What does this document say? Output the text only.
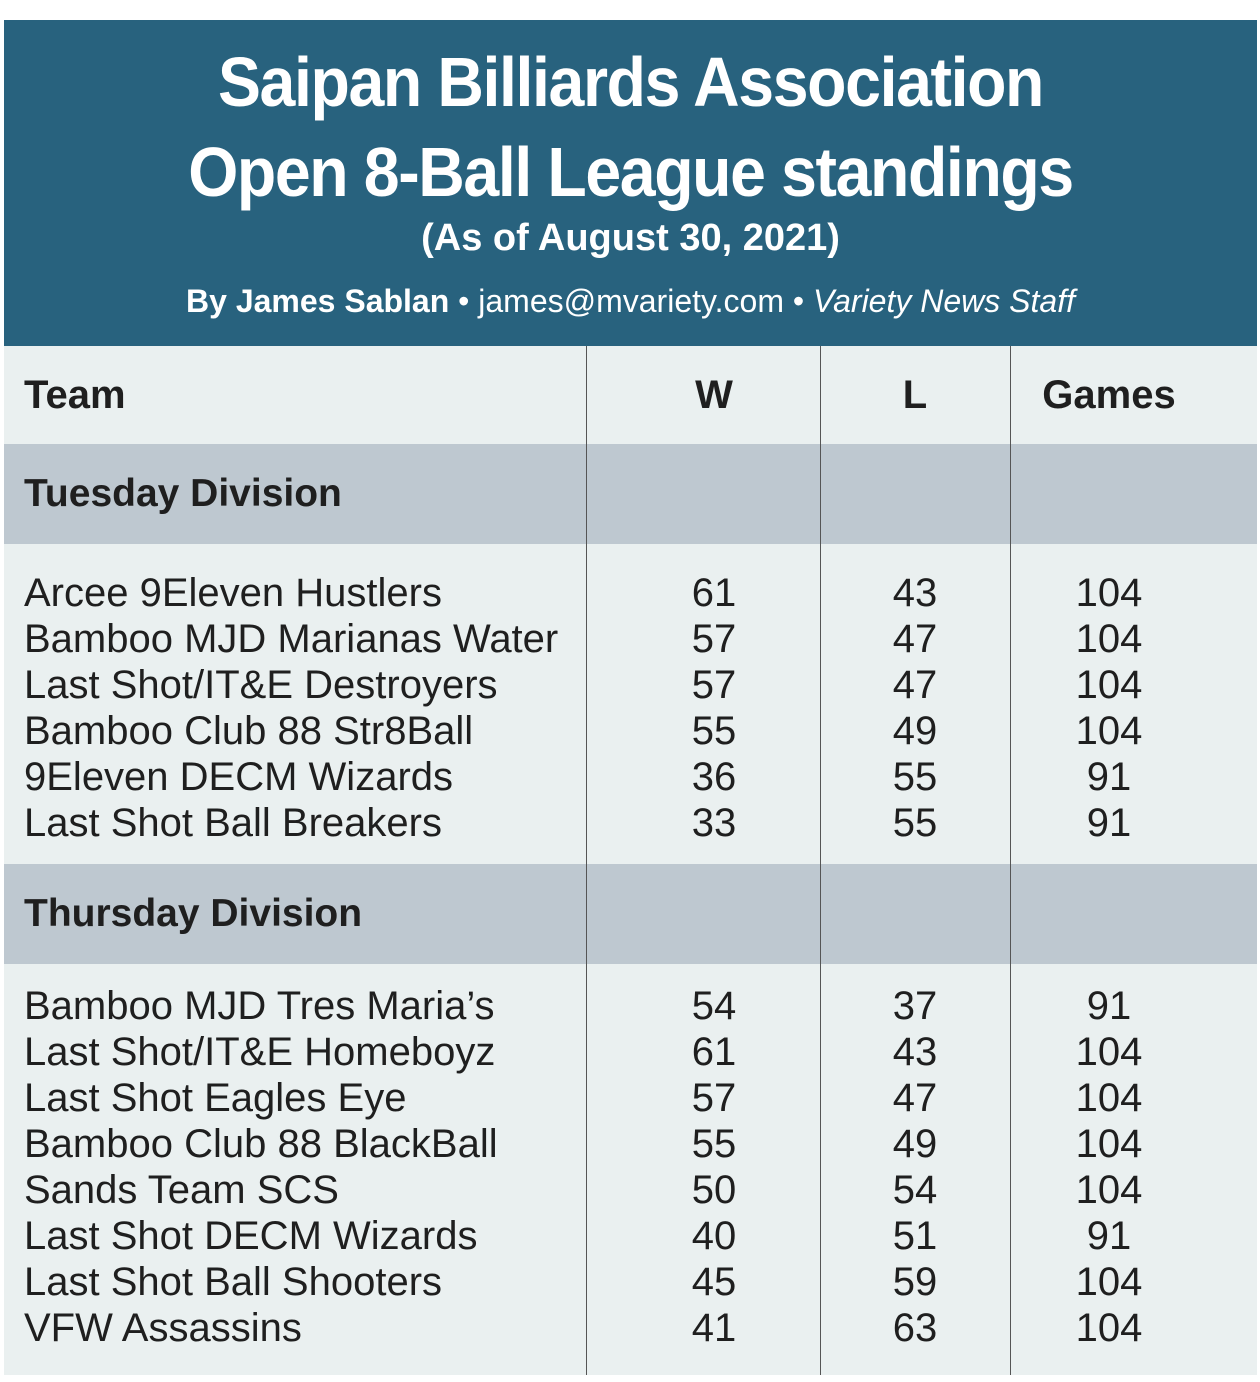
Saipan Billiards Association
Open 8-Ball League standings
(As of August 30, 2021)
By James Sablan • james@mvariety.com • Variety News Staff
Team	W	L	Games
Tuesday Division
Arcee 9Eleven Hustlers	61	43	104
Bamboo MJD Marianas Water	57	47	104
Last Shot/IT&E Destroyers	57	47	104
Bamboo Club 88 Str8Ball	55	49	104
9Eleven DECM Wizards	36	55	91
Last Shot Ball Breakers	33	55	91
Thursday Division
Bamboo MJD Tres Maria’s	54	37	91
Last Shot/IT&E Homeboyz	61	43	104
Last Shot Eagles Eye	57	47	104
Bamboo Club 88 BlackBall	55	49	104
Sands Team SCS	50	54	104
Last Shot DECM Wizards	40	51	91
Last Shot Ball Shooters	45	59	104
VFW Assassins	41	63	104
